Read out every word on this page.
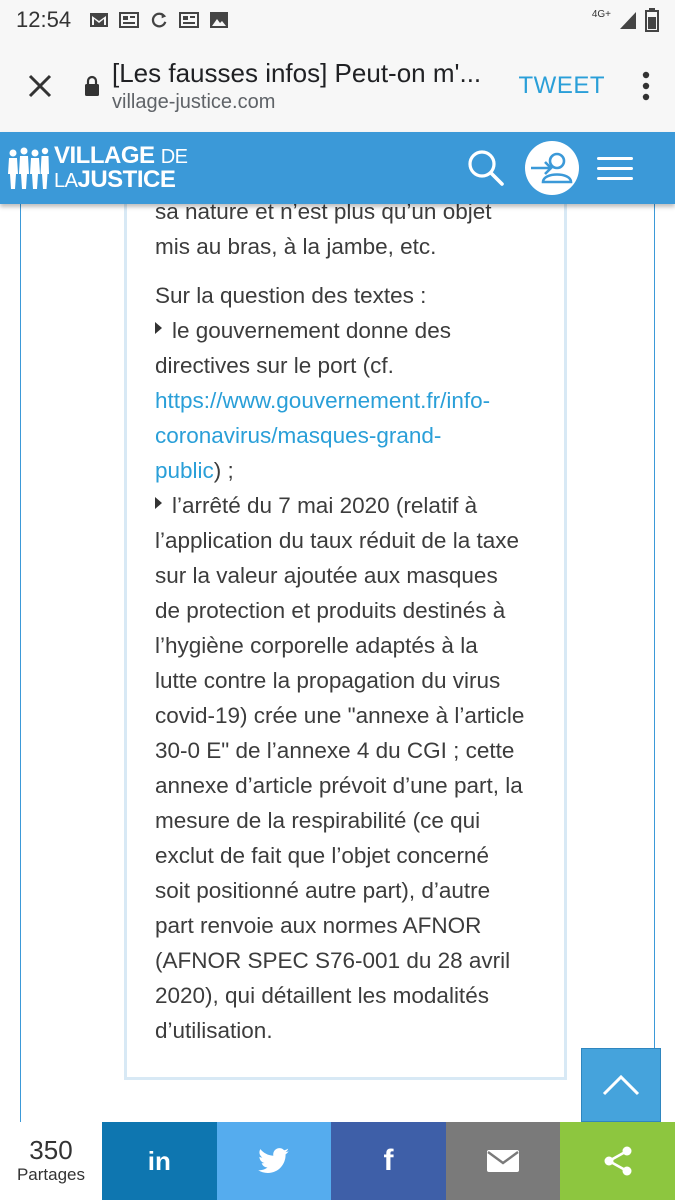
12:54	4G+
[Les fausses infos] Peut-on m'...
village-justice.com
TWEET
VILLAGE DE
LAJUSTICE
sa nature et n’est plus qu’un objet
mis au bras, à la jambe, etc.
Sur la question des textes :
le gouvernement donne des
directives sur le port (cf.
https://www.gouvernement.fr/info-
coronavirus/masques-grand-
public) ;
l’arrêté du 7 mai 2020 (relatif à
l’application du taux réduit de la taxe
sur la valeur ajoutée aux masques
de protection et produits destinés à
l’hygiène corporelle adaptés à la
lutte contre la propagation du virus
covid-19) crée une "annexe à l’article
30-0 E" de l’annexe 4 du CGI ; cette
annexe d’article prévoit d’une part, la
mesure de la respirabilité (ce qui
exclut de fait que l’objet concerné
soit positionné autre part), d’autre
part renvoie aux normes AFNOR
(AFNOR SPEC S76-001 du 28 avril
2020), qui détaillent les modalités
d’utilisation.
350
Partages in	f
